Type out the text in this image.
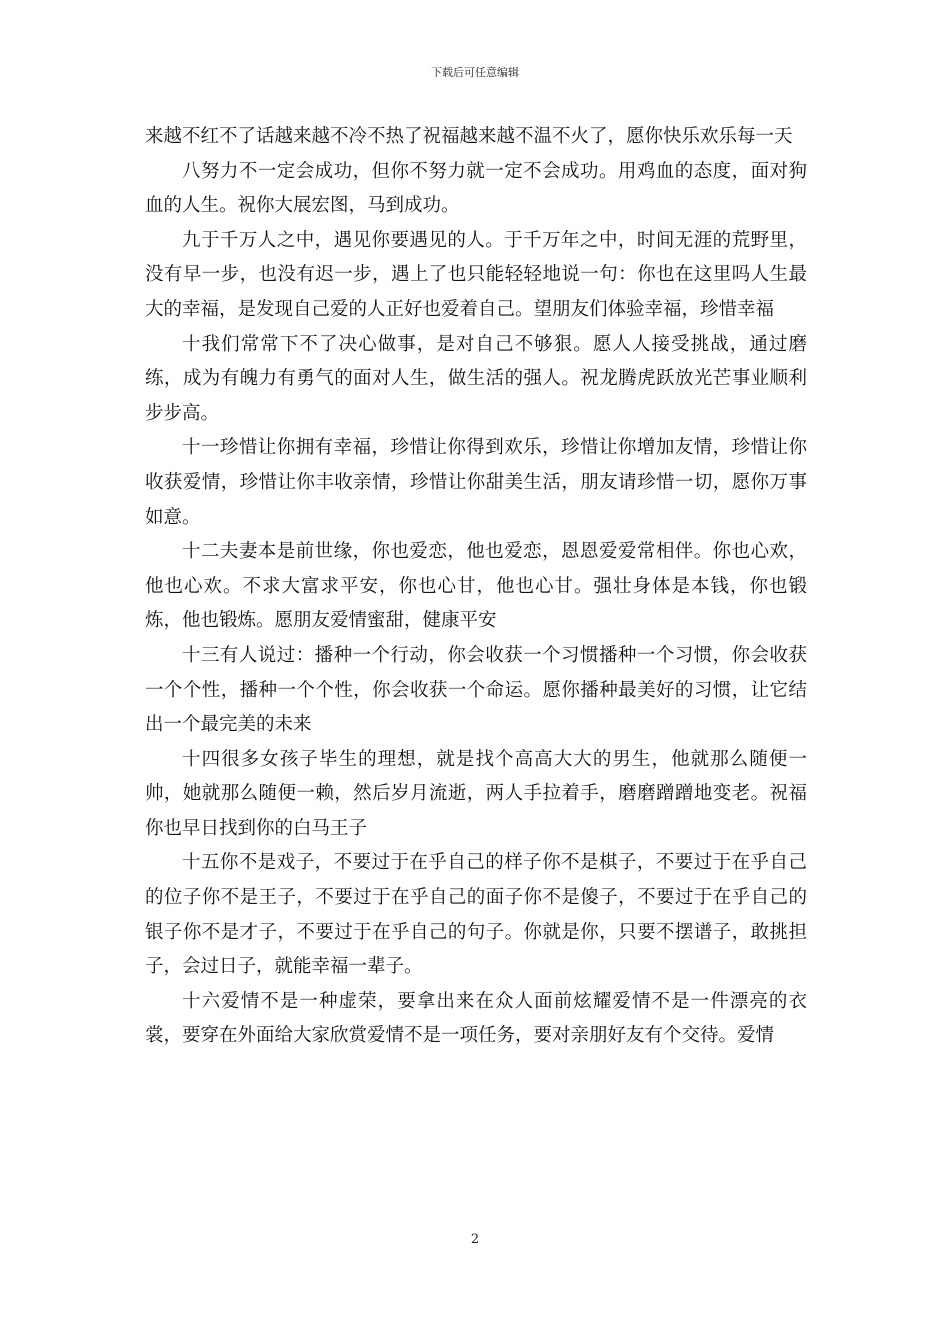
下载后可任意编辑

来越不红不了话越来越不冷不热了祝福越来越不温不火了，愿你快乐欢乐每一天

八努力不一定会成功，但你不努力就一定不会成功。用鸡血的态度，面对狗血的人生。祝你大展宏图，马到成功。

九于千万人之中，遇见你要遇见的人。于千万年之中，时间无涯的荒野里，没有早一步，也没有迟一步，遇上了也只能轻轻地说一句：你也在这里吗人生最大的幸福，是发现自己爱的人正好也爱着自己。望朋友们体验幸福，珍惜幸福

十我们常常下不了决心做事，是对自己不够狠。愿人人接受挑战，通过磨练，成为有魄力有勇气的面对人生，做生活的强人。祝龙腾虎跃放光芒事业顺利步步高。

十一珍惜让你拥有幸福，珍惜让你得到欢乐，珍惜让你增加友情，珍惜让你收获爱情，珍惜让你丰收亲情，珍惜让你甜美生活，朋友请珍惜一切，愿你万事如意。

十二夫妻本是前世缘，你也爱恋，他也爱恋，恩恩爱爱常相伴。你也心欢，他也心欢。不求大富求平安，你也心甘，他也心甘。强壮身体是本钱，你也锻炼，他也锻炼。愿朋友爱情蜜甜，健康平安

十三有人说过：播种一个行动，你会收获一个习惯播种一个习惯，你会收获一个个性，播种一个个性，你会收获一个命运。愿你播种最美好的习惯，让它结出一个最完美的未来

十四很多女孩子毕生的理想，就是找个高高大大的男生，他就那么随便一帅，她就那么随便一赖，然后岁月流逝，两人手拉着手，磨磨蹭蹭地变老。祝福你也早日找到你的白马王子

十五你不是戏子，不要过于在乎自己的样子你不是棋子，不要过于在乎自己的位子你不是王子，不要过于在乎自己的面子你不是傻子，不要过于在乎自己的银子你不是才子，不要过于在乎自己的句子。你就是你，只要不摆谱子，敢挑担子，会过日子，就能幸福一辈子。

十六爱情不是一种虚荣，要拿出来在众人面前炫耀爱情不是一件漂亮的衣裳，要穿在外面给大家欣赏爱情不是一项任务，要对亲朋好友有个交待。爱情

2
